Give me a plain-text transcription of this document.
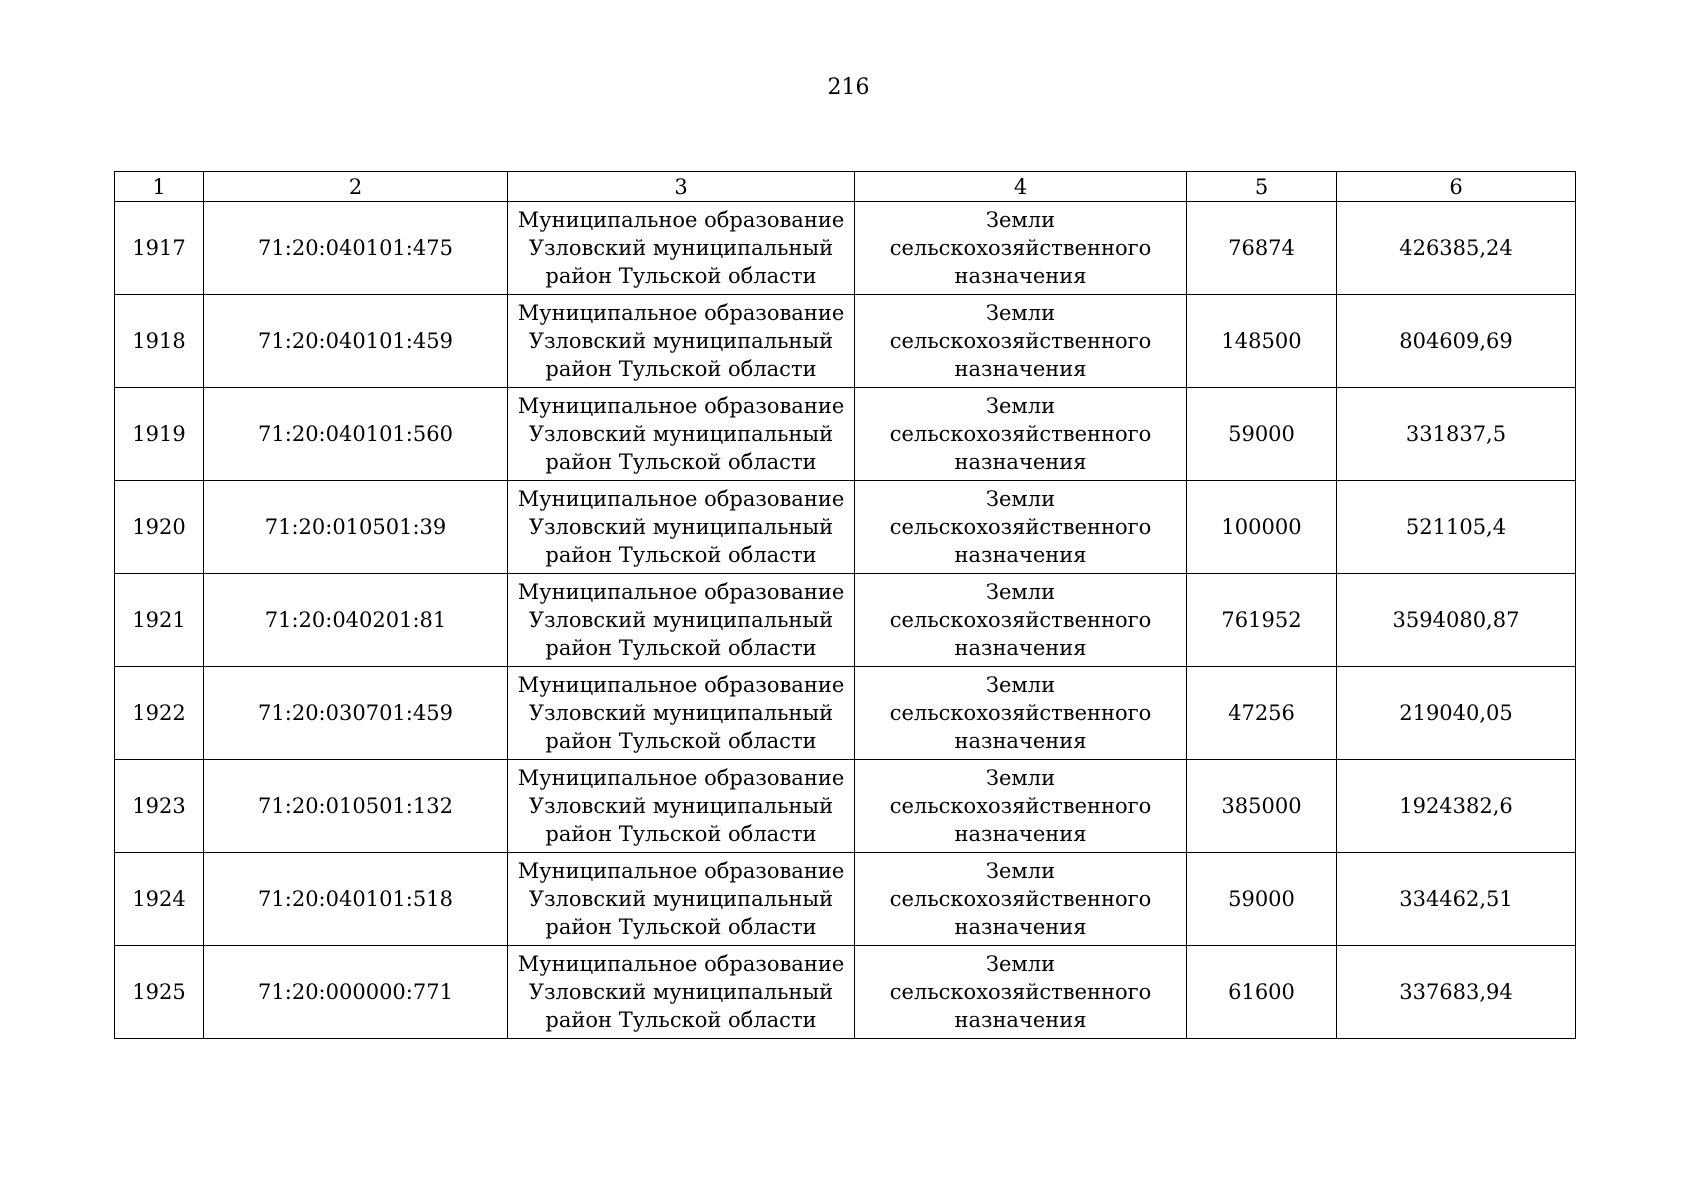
216
1	2	3	4	5	6
1917	71:20:040101:475	Муниципальное образование
Узловский муниципальный
район Тульской области	Земли
сельскохозяйственного
назначения	76874	426385,24
1918	71:20:040101:459	Муниципальное образование
Узловский муниципальный
район Тульской области	Земли
сельскохозяйственного
назначения	148500	804609,69
1919	71:20:040101:560	Муниципальное образование
Узловский муниципальный
район Тульской области	Земли
сельскохозяйственного
назначения	59000	331837,5
1920	71:20:010501:39	Муниципальное образование
Узловский муниципальный
район Тульской области	Земли
сельскохозяйственного
назначения	100000	521105,4
1921	71:20:040201:81	Муниципальное образование
Узловский муниципальный
район Тульской области	Земли
сельскохозяйственного
назначения	761952	3594080,87
1922	71:20:030701:459	Муниципальное образование
Узловский муниципальный
район Тульской области	Земли
сельскохозяйственного
назначения	47256	219040,05
1923	71:20:010501:132	Муниципальное образование
Узловский муниципальный
район Тульской области	Земли
сельскохозяйственного
назначения	385000	1924382,6
1924	71:20:040101:518	Муниципальное образование
Узловский муниципальный
район Тульской области	Земли
сельскохозяйственного
назначения	59000	334462,51
1925	71:20:000000:771	Муниципальное образование
Узловский муниципальный
район Тульской области	Земли
сельскохозяйственного
назначения	61600	337683,94
